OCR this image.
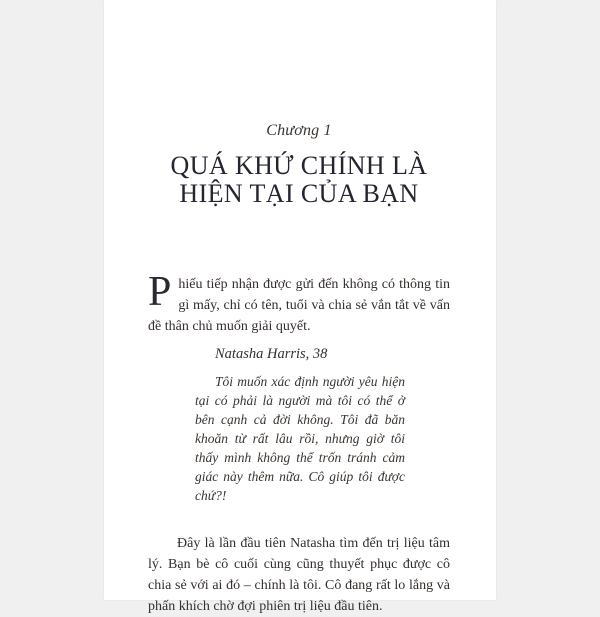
Chương 1
QUÁ KHỨ CHÍNH LÀ
HIỆN TẠI CỦA BẠN

Phiếu tiếp nhận được gửi đến không có thông tin gì mấy, chỉ có tên, tuổi và chia sẻ vắn tắt về vấn đề thân chủ muốn giải quyết.

Natasha Harris, 38

Tôi muốn xác định người yêu hiện tại có phải là người mà tôi có thể ở bên cạnh cả đời không. Tôi đã băn khoăn từ rất lâu rồi, nhưng giờ tôi thấy mình không thể trốn tránh cảm giác này thêm nữa. Cô giúp tôi được chứ?!

Đây là lần đầu tiên Natasha tìm đến trị liệu tâm lý. Bạn bè cô cuối cùng cũng thuyết phục được cô chia sẻ với ai đó – chính là tôi. Cô đang rất lo lắng và phấn khích chờ đợi phiên trị liệu đầu tiên.
